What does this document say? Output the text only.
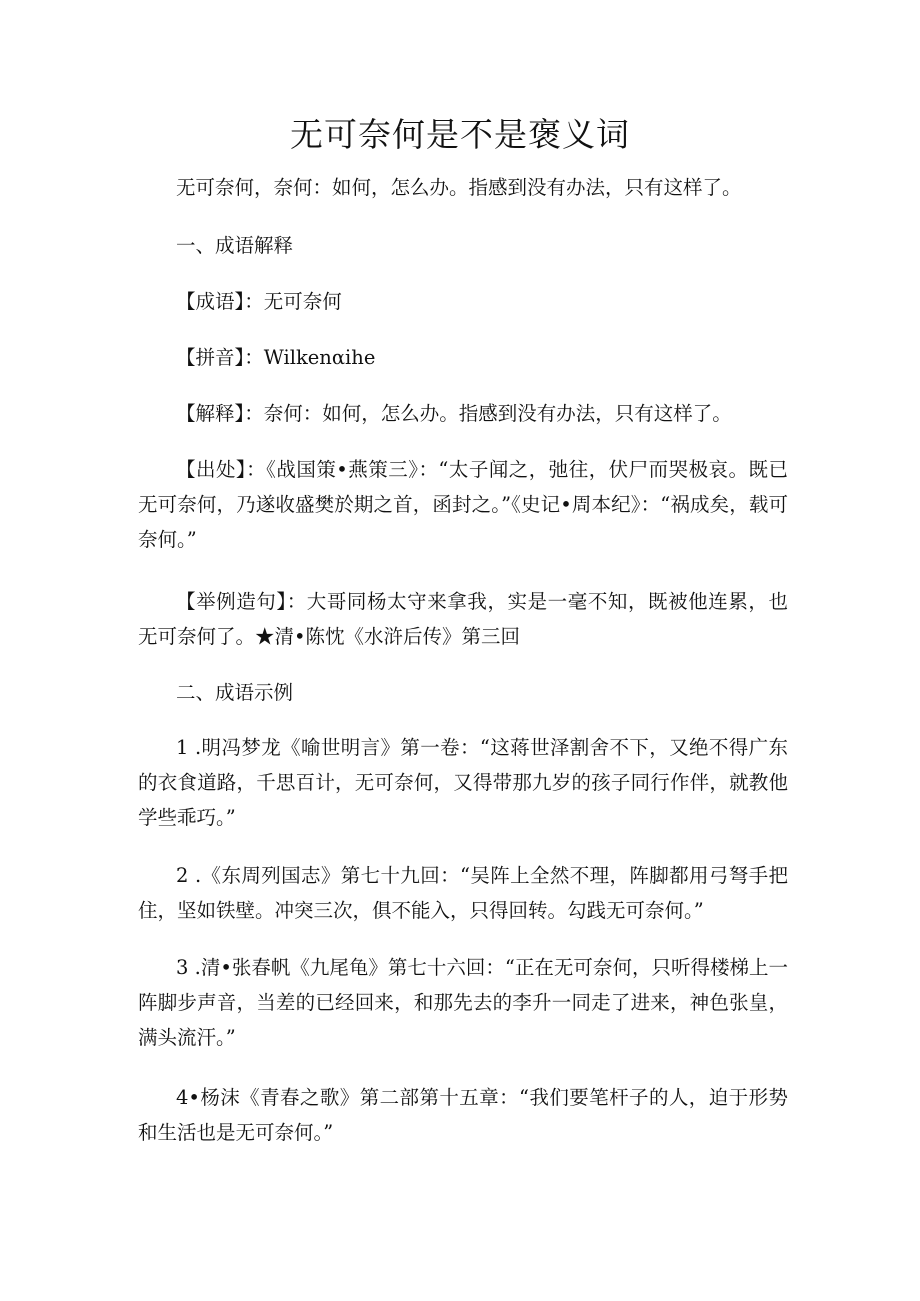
无可奈何是不是褒义词

无可奈何，奈何：如何，怎么办。指感到没有办法，只有这样了。

一、成语解释

【成语】：无可奈何

【拼音】：Wilkenαihe

【解释】：奈何：如何，怎么办。指感到没有办法，只有这样了。

【出处】：《战国策•燕策三》：“太子闻之，弛往，伏尸而哭极哀。既已无可奈何，乃遂收盛樊於期之首，函封之。”《史记•周本纪》：“祸成矣，载可奈何。”

【举例造句】：大哥同杨太守来拿我，实是一毫不知，既被他连累，也无可奈何了。★清•陈忱《水浒后传》第三回

二、成语示例

1 .明冯梦龙《喻世明言》第一卷：“这蒋世泽割舍不下，又绝不得广东的衣食道路，千思百计，无可奈何，又得带那九岁的孩子同行作伴，就教他学些乖巧。”

2 .《东周列国志》第七十九回：“吴阵上全然不理，阵脚都用弓弩手把住，坚如铁壁。冲突三次，俱不能入，只得回转。勾践无可奈何。”

3 .清•张春帆《九尾龟》第七十六回：“正在无可奈何，只听得楼梯上一阵脚步声音，当差的已经回来，和那先去的李升一同走了进来，神色张皇，满头流汗。”

4•杨沫《青春之歌》第二部第十五章：“我们要笔杆子的人，迫于形势和生活也是无可奈何。”
